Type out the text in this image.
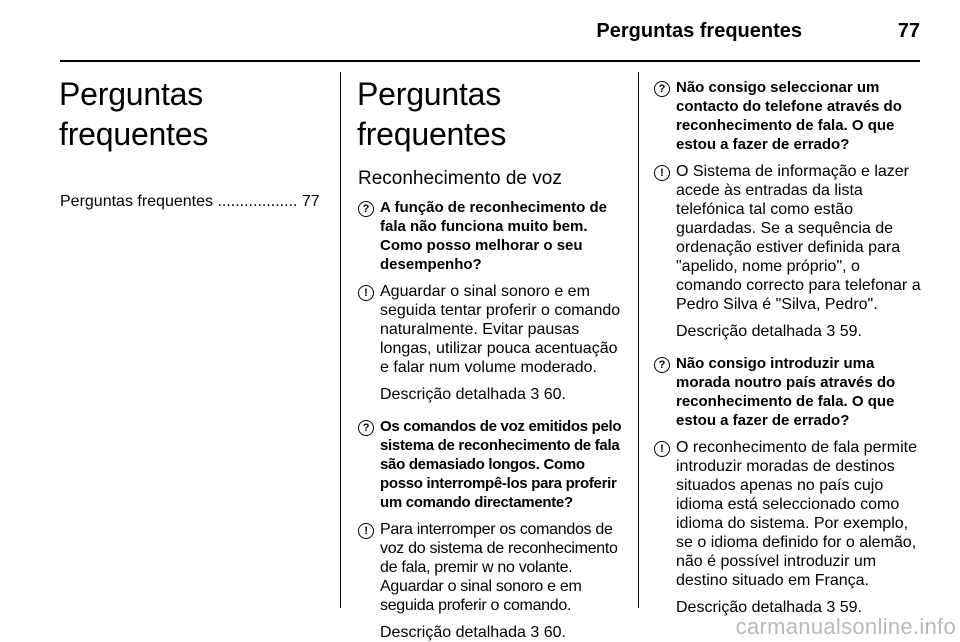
Perguntas frequentes	77
Perguntas frequentes
Perguntas frequentes .................. 77
Perguntas frequentes
Reconhecimento de voz
? A função de reconhecimento de fala não funciona muito bem. Como posso melhorar o seu desempenho?
! Aguardar o sinal sonoro e em seguida tentar proferir o comando naturalmente. Evitar pausas longas, utilizar pouca acentuação e falar num volume moderado.
Descrição detalhada 3 60.
? Os comandos de voz emitidos pelo sistema de reconhecimento de fala são demasiado longos. Como posso interrompê-los para proferir um comando directamente?
! Para interromper os comandos de voz do sistema de reconhecimento de fala, premir w no volante.
Aguardar o sinal sonoro e em seguida proferir o comando.
Descrição detalhada 3 60.
? Não consigo seleccionar um contacto do telefone através do reconhecimento de fala. O que estou a fazer de errado?
! O Sistema de informação e lazer acede às entradas da lista telefónica tal como estão guardadas. Se a sequência de ordenação estiver definida para "apelido, nome próprio", o comando correcto para telefonar a Pedro Silva é "Silva, Pedro".
Descrição detalhada 3 59.
? Não consigo introduzir uma morada noutro país através do reconhecimento de fala. O que estou a fazer de errado?
! O reconhecimento de fala permite introduzir moradas de destinos situados apenas no país cujo idioma está seleccionado como idioma do sistema. Por exemplo, se o idioma definido for o alemão, não é possível introduzir um destino situado em França.
Descrição detalhada 3 59.
carmanualsonline.info
